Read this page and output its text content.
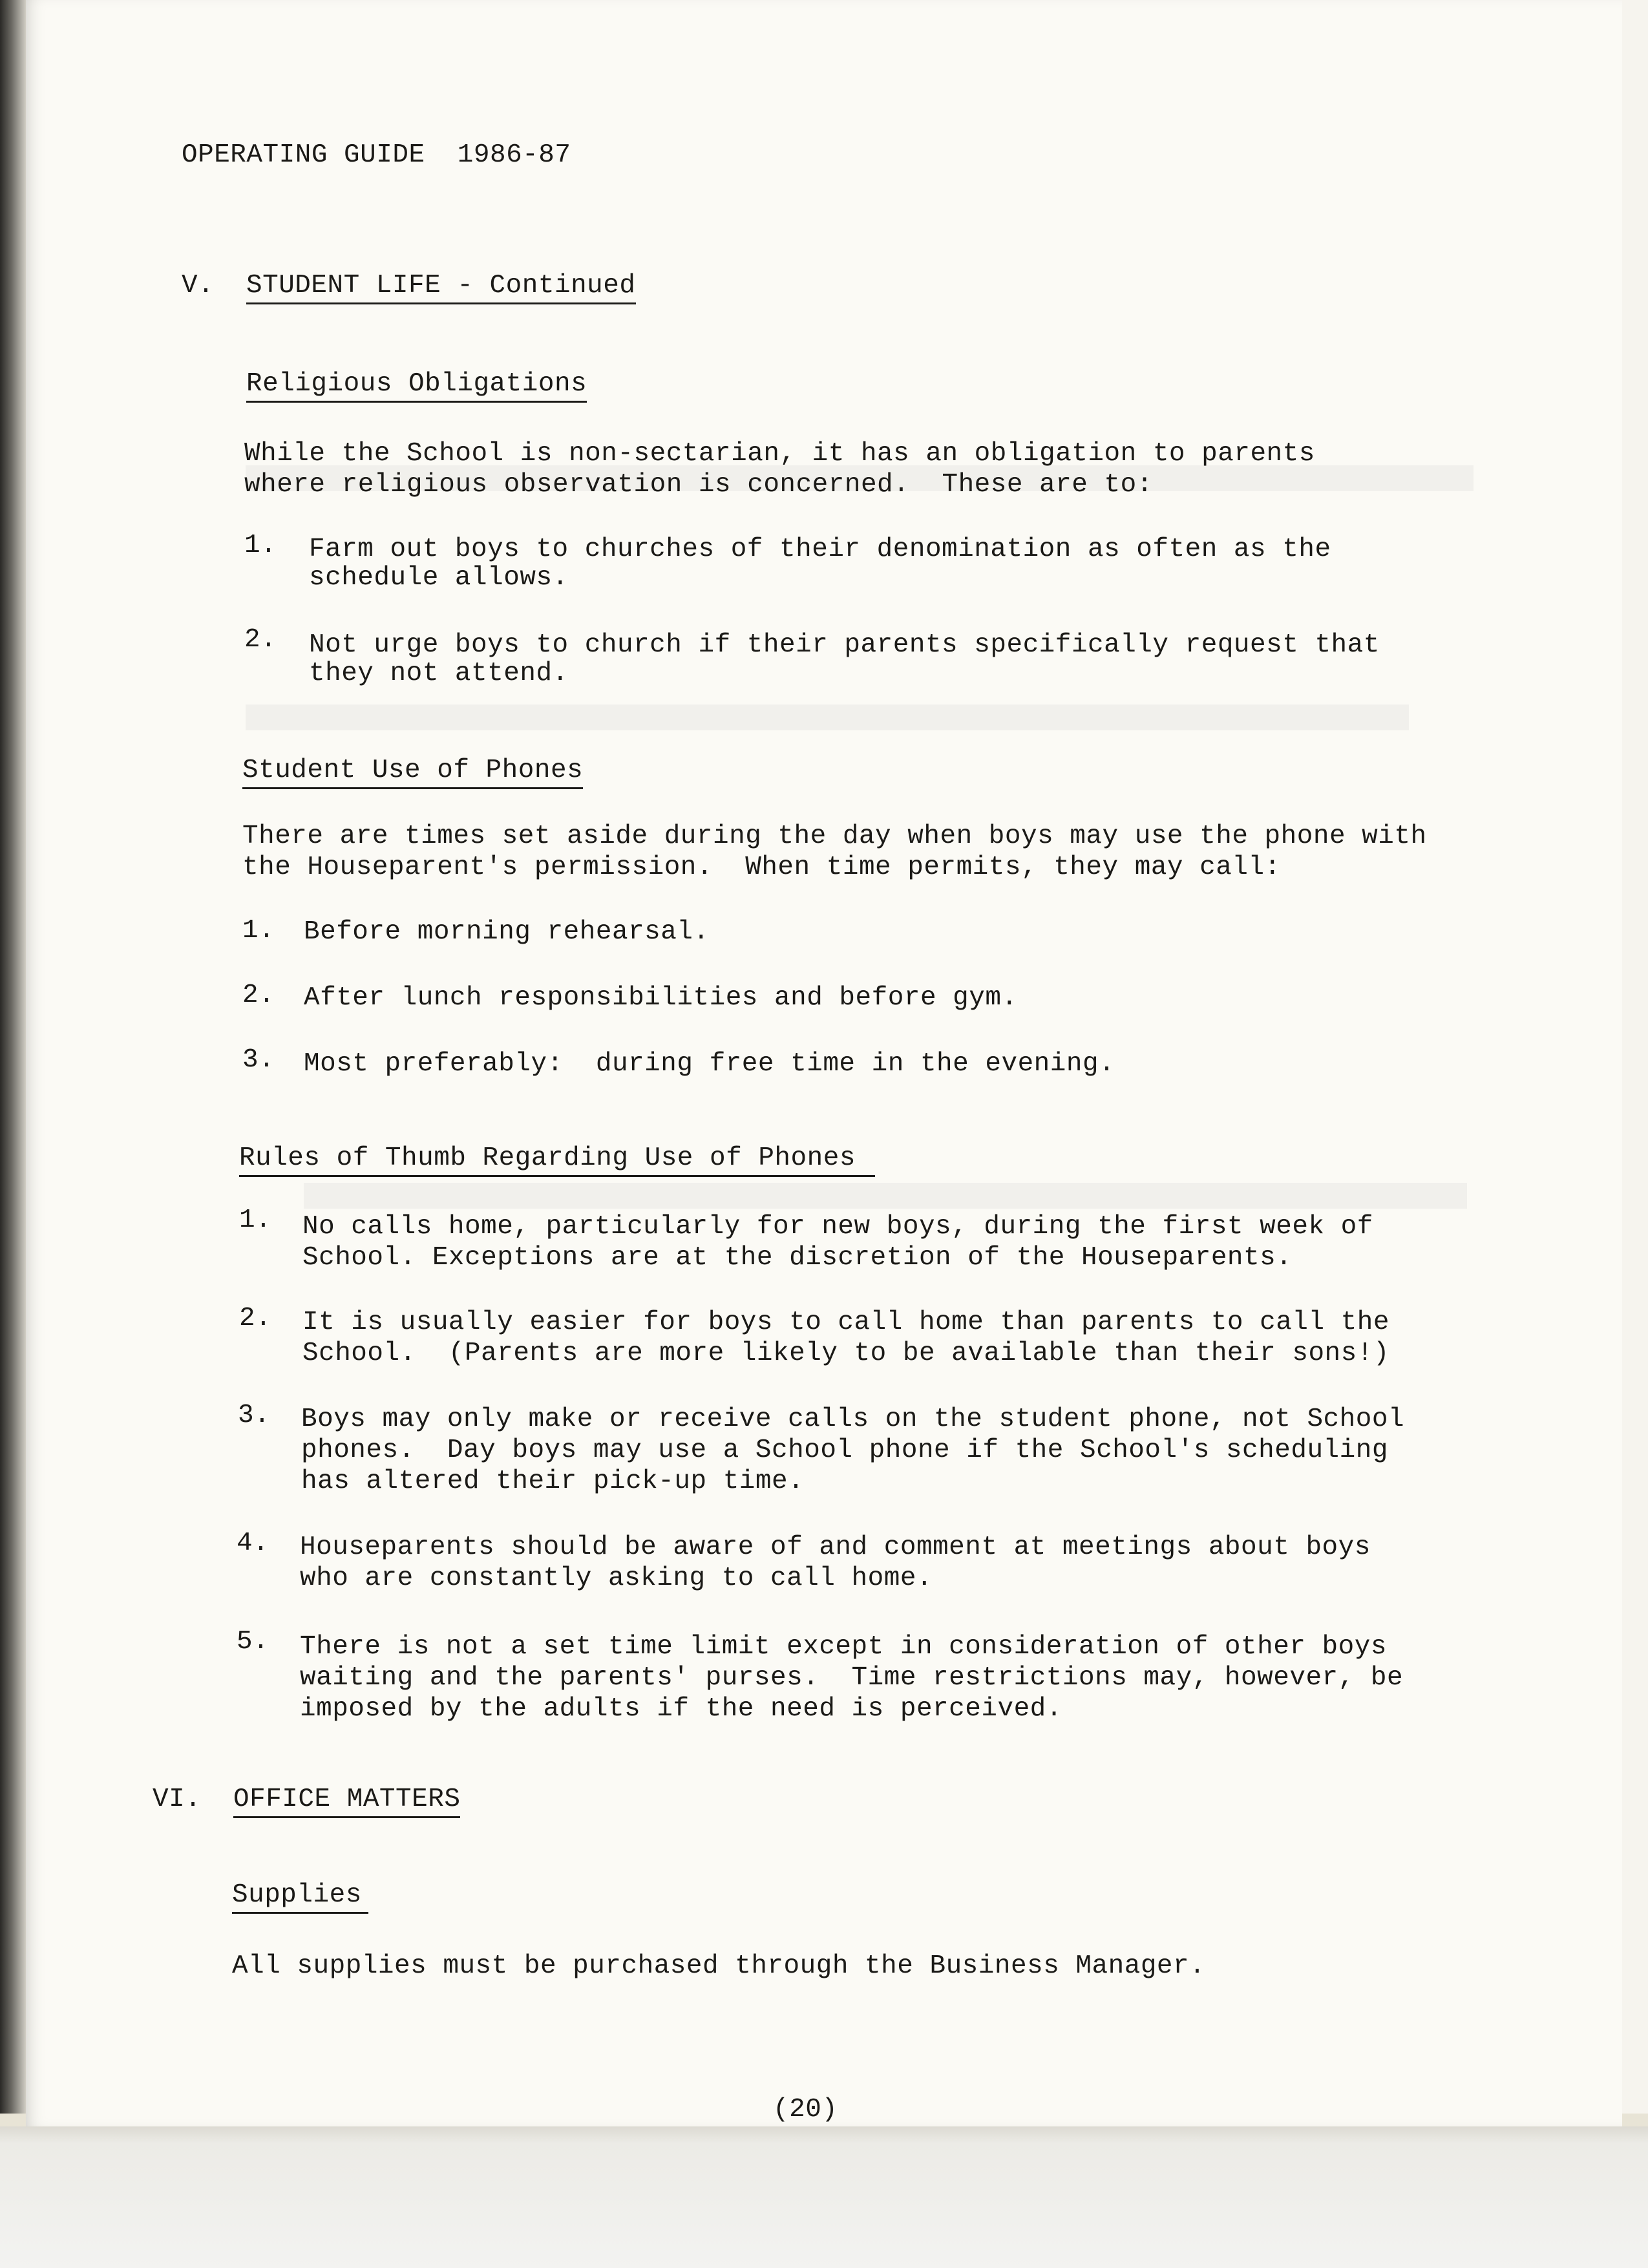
OPERATING GUIDE  1986-87
V. STUDENT LIFE - Continued
Religious Obligations
While the School is non-sectarian, it has an obligation to parents
where religious observation is concerned.  These are to:
1. Farm out boys to churches of their denomination as often as the
schedule allows.
2. Not urge boys to church if their parents specifically request that
they not attend.
Student Use of Phones
There are times set aside during the day when boys may use the phone with
the Houseparent's permission.  When time permits, they may call:
1. Before morning rehearsal.
2. After lunch responsibilities and before gym.
3. Most preferably:  during free time in the evening.
Rules of Thumb Regarding Use of Phones
1. No calls home, particularly for new boys, during the first week of
School. Exceptions are at the discretion of the Houseparents.
2. It is usually easier for boys to call home than parents to call the
School.  (Parents are more likely to be available than their sons!)
3. Boys may only make or receive calls on the student phone, not School
phones.  Day boys may use a School phone if the School's scheduling
has altered their pick-up time.
4. Houseparents should be aware of and comment at meetings about boys
who are constantly asking to call home.
5. There is not a set time limit except in consideration of other boys
waiting and the parents' purses.  Time restrictions may, however, be
imposed by the adults if the need is perceived.
VI. OFFICE MATTERS
Supplies
All supplies must be purchased through the Business Manager.
(20)
